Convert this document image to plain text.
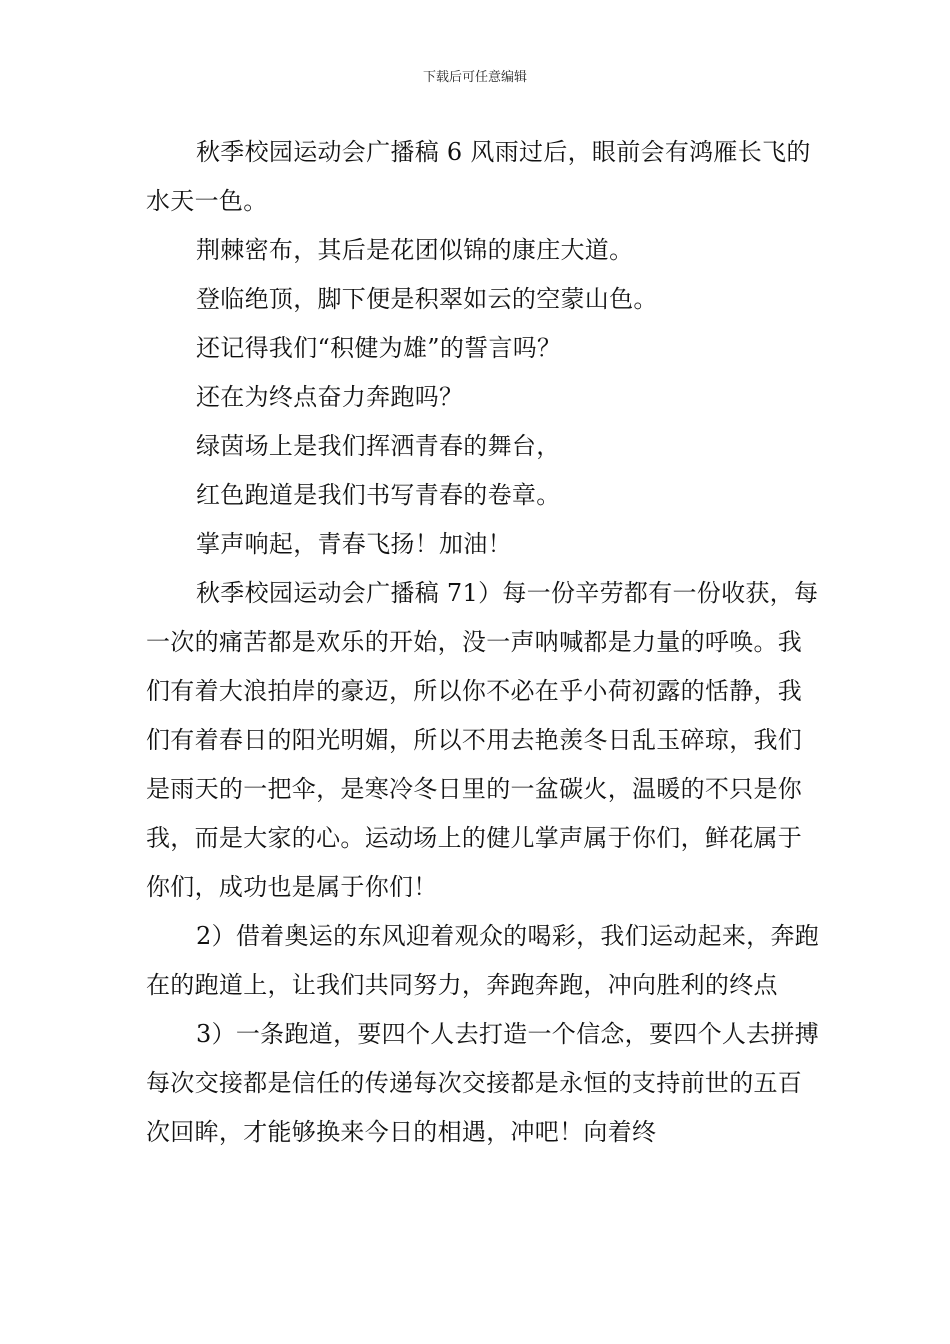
下载后可任意编辑

秋季校园运动会广播稿 6 风雨过后，眼前会有鸿雁长飞的水天一色。

荆棘密布，其后是花团似锦的康庄大道。

登临绝顶，脚下便是积翠如云的空蒙山色。

还记得我们“积健为雄”的誓言吗？

还在为终点奋力奔跑吗？

绿茵场上是我们挥洒青春的舞台，

红色跑道是我们书写青春的卷章。

掌声响起，青春飞扬！加油！

秋季校园运动会广播稿 71）每一份辛劳都有一份收获，每一次的痛苦都是欢乐的开始，没一声呐喊都是力量的呼唤。我们有着大浪拍岸的豪迈，所以你不必在乎小荷初露的恬静，我们有着春日的阳光明媚，所以不用去艳羡冬日乱玉碎琼，我们是雨天的一把伞，是寒冷冬日里的一盆碳火，温暖的不只是你我，而是大家的心。运动场上的健儿掌声属于你们，鲜花属于你们，成功也是属于你们！

2）借着奥运的东风迎着观众的喝彩，我们运动起来，奔跑在的跑道上，让我们共同努力，奔跑奔跑，冲向胜利的终点

3）一条跑道，要四个人去打造一个信念，要四个人去拼搏每次交接都是信任的传递每次交接都是永恒的支持前世的五百次回眸，才能够换来今日的相遇，冲吧！向着终
